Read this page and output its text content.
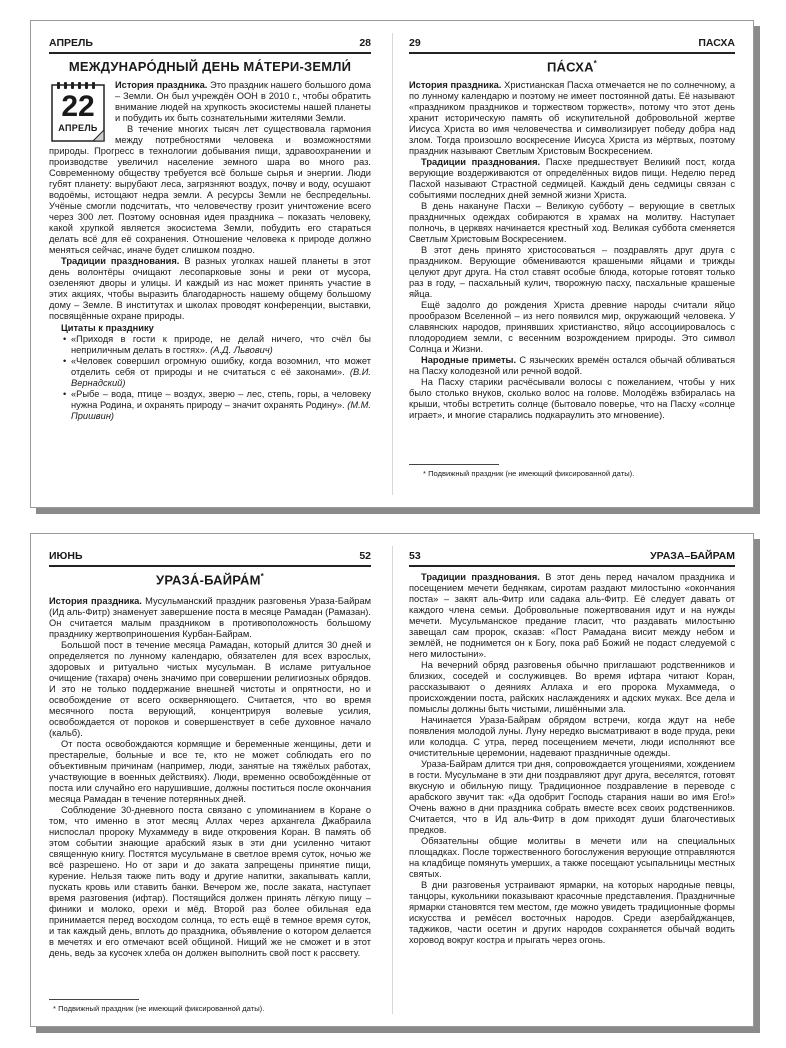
АПРЕЛЬ	28
МЕЖДУНАРО́ДНЫЙ ДЕНЬ МА́ТЕРИ-ЗЕМЛИ́
22
АПРЕЛЬ

История праздника. Это праздник нашего большого дома – Земли. Он был учреждён ООН в 2010 г., чтобы обратить внимание людей на хрупкость экосистемы нашей планеты и побудить их быть сознательными жителями Земли.

В течение многих тысяч лет существовала гармония между потребностями человека и возможностями природы. Прогресс в технологии добывания пищи, здравоохранении и производстве увеличил население земного шара во много раз. Современному обществу требуется всё больше сырья и энергии. Люди губят планету: вырубают леса, загрязняют воздух, почву и воду, осушают водоёмы, истощают недра земли. А ресурсы Земли не беспредельны. Учёные смогли подсчитать, что человечеству грозит уничтожение всего через 300 лет. Поэтому основная идея праздника – показать человеку, какой хрупкой является экосистема Земли, побудить его стараться делать всё для её сохранения. Отношение человека к природе должно меняться сейчас, иначе будет слишком поздно.

Традиции празднования. В разных уголках нашей планеты в этот день волонтёры очищают лесопарковые зоны и реки от мусора, озеленяют дворы и улицы. И каждый из нас может принять участие в этих акциях, чтобы выразить благодарность нашему общему большому дому – Земле. В институтах и школах проводят конференции, выставки, посвящённые охране природы.

Цитаты к празднику
• «Приходя в гости к природе, не делай ничего, что счёл бы неприличным делать в гостях». (А.Д. Львович)
• «Человек совершил огромную ошибку, когда возомнил, что может отделить себя от природы и не считаться с её законами». (В.И. Вернадский)
• «Рыбе – вода, птице – воздух, зверю – лес, степь, горы, а человеку нужна Родина, и охранять природу – значит охранять Родину». (М.М. Пришвин)
29	ПАСХА
ПА́СХА*

История праздника. Христианская Пасха отмечается не по солнечному, а по лунному календарю и поэтому не имеет постоянной даты. Её называют «праздником праздников и торжеством торжеств», потому что этот день хранит историческую память об искупительной добровольной жертве Иисуса Христа во имя человечества и символизирует победу добра над злом. Тогда произошло воскресение Иисуса Христа из мёртвых, поэтому праздник называют Светлым Христовым Воскресением.

Традиции празднования. Пасхе предшествует Великий пост, когда верующие воздерживаются от определённых видов пищи. Неделю перед Пасхой называют Страстной седмицей. Каждый день седмицы связан с событиями последних дней земной жизни Христа.

В день накануне Пасхи – Великую субботу – верующие в светлых праздничных одеждах собираются в храмах на молитву. Наступает полночь, в церквях начинается крестный ход. Великая суббота сменяется Светлым Христовым Воскресением.

В этот день принято христосоваться – поздравлять друг друга с праздником. Верующие обмениваются крашеными яйцами и трижды целуют друг друга. На стол ставят особые блюда, которые готовят только раз в году, – пасхальный кулич, творожную пасху, пасхальные крашеные яйца.

Ещё задолго до рождения Христа древние народы считали яйцо прообразом Вселенной – из него появился мир, окружающий человека. У славянских народов, принявших христианство, яйцо ассоциировалось с плодородием земли, с весенним возрождением природы. Это символ Солнца и Жизни.

Народные приметы. С языческих времён остался обычай обливаться на Пасху колодезной или речной водой.

На Пасху старики расчёсывали волосы с пожеланием, чтобы у них было столько внуков, сколько волос на голове. Молодёжь взбиралась на крыши, чтобы встретить солнце (бытовало поверье, что на Пасху «солнце играет», и многие старались подкараулить это мгновение).

* Подвижный праздник (не имеющий фиксированной даты).
ИЮНЬ	52
УРАЗА́-БАЙРА́М*

История праздника. Мусульманский праздник разговенья Ураза-Байрам (Ид аль-Фитр) знаменует завершение поста в месяце Рамадан (Рамазан). Он считается малым праздником в противоположность большому празднику жертвоприношения Курбан-Байрам.

Большой пост в течение месяца Рамадан, который длится 30 дней и определяется по лунному календарю, обязателен для всех взрослых, здоровых и ритуально чистых мусульман. В исламе ритуальное очищение (тахара) очень значимо при совершении религиозных обрядов. И это не только поддержание внешней чистоты и опрятности, но и освобождение от всего оскверняющего. Считается, что во время месячного поста верующий, концентрируя волевые усилия, освобождается от пороков и совершенствует в себе духовное начало (кальб).

От поста освобождаются кормящие и беременные женщины, дети и престарелые, больные и все те, кто не может соблюдать его по объективным причинам (например, люди, занятые на тяжёлых работах, участвующие в военных действиях). Люди, временно освобождённые от поста или случайно его нарушившие, должны поститься после окончания месяца Рамадан в течение потерянных дней.

Соблюдение 30-дневного поста связано с упоминанием в Коране о том, что именно в этот месяц Аллах через архангела Джабраила ниспослал пророку Мухаммеду в виде откровения Коран. В память об этом событии знающие арабский язык в эти дни усиленно читают священную книгу. Постятся мусульмане в светлое время суток, ночью же всё разрешено. Но от зари и до заката запрещены принятие пищи, курение. Нельзя также пить воду и другие напитки, закапывать капли, пускать кровь или ставить банки. Вечером же, после заката, наступает время разговения (ифтар). Постящийся должен принять лёгкую пищу – финики и молоко, орехи и мёд. Второй раз более обильная еда принимается перед восходом солнца, то есть ещё в темное время суток, и так каждый день, вплоть до праздника, объявление о котором делается в мечетях и его отмечают всей общиной. Нищий же не сможет и в этот день, ведь за кусочек хлеба он должен выполнить свой пост к рассвету.

* Подвижный праздник (не имеющий фиксированной даты).
53	УРАЗА–БАЙРАМ

Традиции празднования. В этот день перед началом праздника и посещением мечети беднякам, сиротам раздают милостыню «окончания поста» – закят аль-Фитр или садака аль-Фитр. Её следует давать от каждого члена семьи. Добровольные пожертвования идут и на нужды мечети. Мусульманское предание гласит, что раздавать милостыню завещал сам пророк, сказав: «Пост Рамадана висит между небом и землёй, не поднимется он к Богу, пока раб Божий не подаст следуемой с него милостыни».

На вечерний обряд разговенья обычно приглашают родственников и близких, соседей и сослуживцев. Во время ифтара читают Коран, рассказывают о деяниях Аллаха и его пророка Мухаммеда, о происхождении поста, райских наслаждениях и адских муках. Все дела и помыслы должны быть чистыми, лишёнными зла.

Начинается Ураза-Байрам обрядом встречи, когда ждут на небе появления молодой луны. Луну нередко высматривают в воде пруда, реки или колодца. С утра, перед посещением мечети, люди исполняют все очистительные церемонии, надевают праздничные одежды.

Ураза-Байрам длится три дня, сопровождается угощениями, хождением в гости. Мусульмане в эти дни поздравляют друг друга, веселятся, готовят вкусную и обильную пищу. Традиционное поздравление в переводе с арабского звучит так: «Да одобрит Господь старания наши во имя Его!» Очень важно в дни праздника собрать вместе всех своих родственников. Считается, что в Ид аль-Фитр в дом приходят души благочестивых предков.

Обязательны общие молитвы в мечети или на специальных площадках. После торжественного богослужения верующие отправляются на кладбище помянуть умерших, а также посещают усыпальницы местных святых.

В дни разговенья устраивают ярмарки, на которых народные певцы, танцоры, кукольники показывают красочные представления. Праздничные ярмарки становятся тем местом, где можно увидеть традиционные формы искусства и ремёсел восточных народов. Среди азербайджанцев, таджиков, части осетин и других народов сохраняется обычай водить хоровод вокруг костра и прыгать через огонь.
